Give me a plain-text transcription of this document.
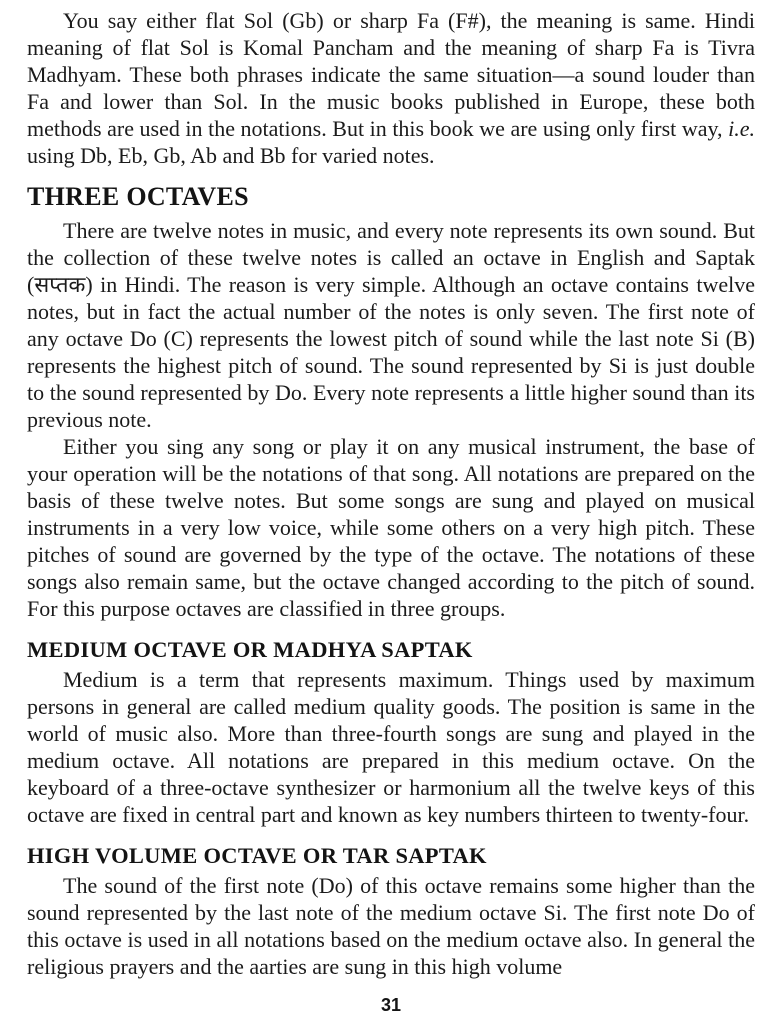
You say either flat Sol (Gb) or sharp Fa (F#), the meaning is same. Hindi meaning of flat Sol is Komal Pancham and the meaning of sharp Fa is Tivra Madhyam. These both phrases indicate the same situation—a sound louder than Fa and lower than Sol. In the music books published in Europe, these both methods are used in the notations. But in this book we are using only first way, i.e. using Db, Eb, Gb, Ab and Bb for varied notes.

THREE OCTAVES

There are twelve notes in music, and every note represents its own sound. But the collection of these twelve notes is called an octave in English and Saptak (सप्तक) in Hindi. The reason is very simple. Although an octave contains twelve notes, but in fact the actual number of the notes is only seven. The first note of any octave Do (C) represents the lowest pitch of sound while the last note Si (B) represents the highest pitch of sound. The sound represented by Si is just double to the sound represented by Do. Every note represents a little higher sound than its previous note.

Either you sing any song or play it on any musical instrument, the base of your operation will be the notations of that song. All notations are prepared on the basis of these twelve notes. But some songs are sung and played on musical instruments in a very low voice, while some others on a very high pitch. These pitches of sound are governed by the type of the octave. The notations of these songs also remain same, but the octave changed according to the pitch of sound. For this purpose octaves are classified in three groups.

MEDIUM OCTAVE OR MADHYA SAPTAK

Medium is a term that represents maximum. Things used by maximum persons in general are called medium quality goods. The position is same in the world of music also. More than three-fourth songs are sung and played in the medium octave. All notations are prepared in this medium octave. On the keyboard of a three-octave synthesizer or harmonium all the twelve keys of this octave are fixed in central part and known as key numbers thirteen to twenty-four.

HIGH VOLUME OCTAVE OR TAR SAPTAK

The sound of the first note (Do) of this octave remains some higher than the sound represented by the last note of the medium octave Si. The first note Do of this octave is used in all notations based on the medium octave also. In general the religious prayers and the aarties are sung in this high volume

31
